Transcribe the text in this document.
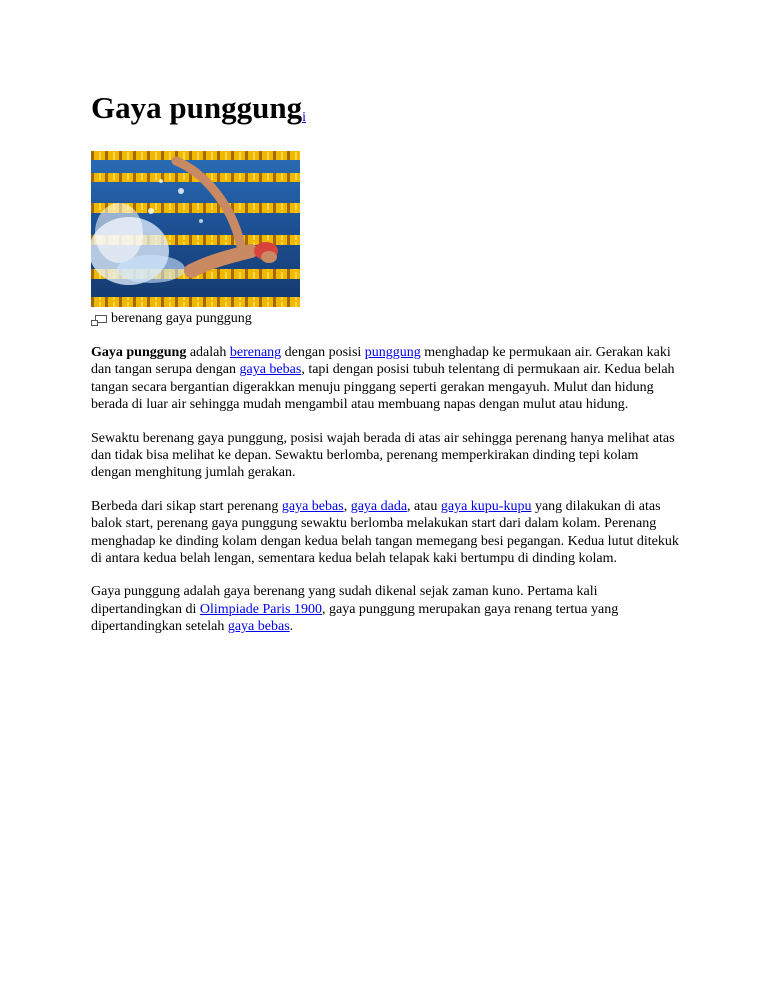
Gaya punggungi
berenang gaya punggung

Gaya punggung adalah berenang dengan posisi punggung menghadap ke permukaan air. Gerakan kaki dan tangan serupa dengan gaya bebas, tapi dengan posisi tubuh telentang di permukaan air. Kedua belah tangan secara bergantian digerakkan menuju pinggang seperti gerakan mengayuh. Mulut dan hidung berada di luar air sehingga mudah mengambil atau membuang napas dengan mulut atau hidung.

Sewaktu berenang gaya punggung, posisi wajah berada di atas air sehingga perenang hanya melihat atas dan tidak bisa melihat ke depan. Sewaktu berlomba, perenang memperkirakan dinding tepi kolam dengan menghitung jumlah gerakan.

Berbeda dari sikap start perenang gaya bebas, gaya dada, atau gaya kupu-kupu yang dilakukan di atas balok start, perenang gaya punggung sewaktu berlomba melakukan start dari dalam kolam. Perenang menghadap ke dinding kolam dengan kedua belah tangan memegang besi pegangan. Kedua lutut ditekuk di antara kedua belah lengan, sementara kedua belah telapak kaki bertumpu di dinding kolam.

Gaya punggung adalah gaya berenang yang sudah dikenal sejak zaman kuno. Pertama kali dipertandingkan di Olimpiade Paris 1900, gaya punggung merupakan gaya renang tertua yang dipertandingkan setelah gaya bebas.
